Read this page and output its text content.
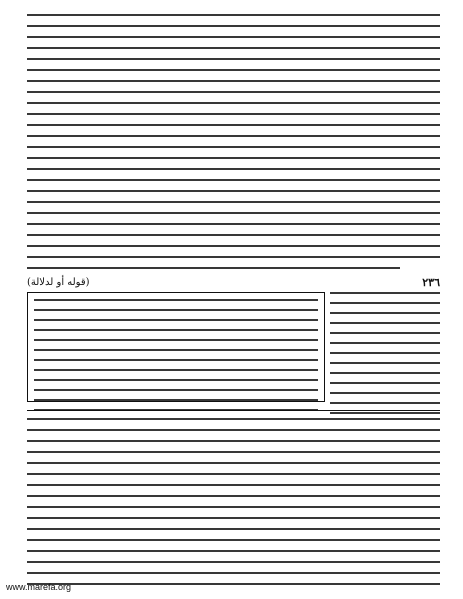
٢٣٦
(قوله أو لدلالة)
www.marefa.org
